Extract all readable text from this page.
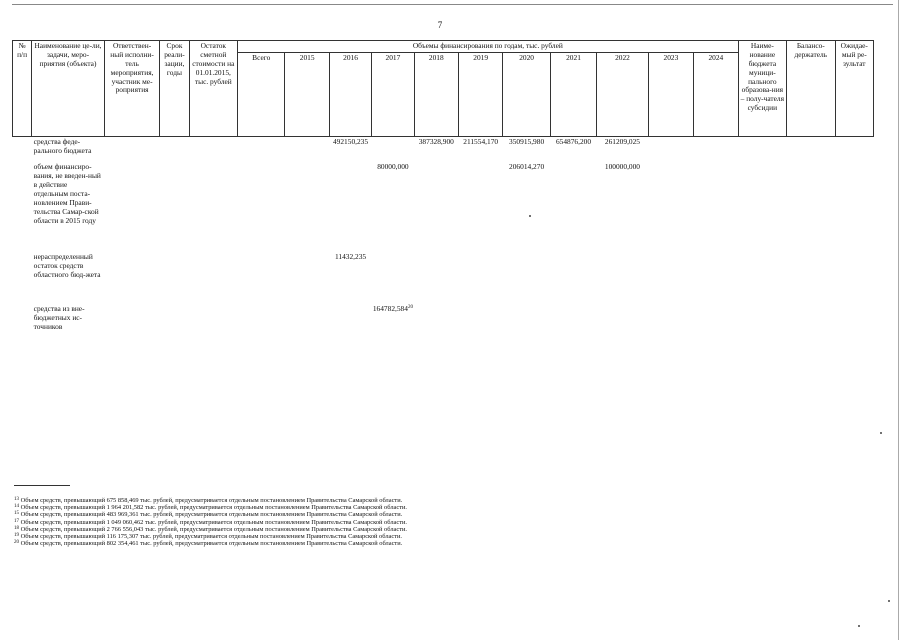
7
№ п/п	Наименование це-ли, задачи, меро-приятия (объекта)	Ответствен-ный исполни-тель мероприятия, участник ме-роприятия	Срок реали-зации, годы	Остаток сметной стоимости на 01.01.2015, тыс. рублей	Объемы финансирования по годам, тыс. рублей											Наиме-нование бюджета муници-пального образова-ния – полу-чателя субсидии	Балансо-держатель	Ожидае-мый ре-зультат
					Всего	2015	2016	2017	2018	2019	2020	2021	2022	2023	2024			
	средства феде-рального бюджета						492150,235		387328,900	211554,170	350915,980	654876,200	261209,025					
	объем финансиро-вания, не введен-ный в действие отдельным поста-новлением Прави-тельства Самар-ской области в 2015 году							80000,000			206014,270		100000,000					
	нераспределенный остаток средств областного бюд-жета						11432,235											
	средства из вне-бюджетных ис-точников							164782,584$^{20}$										
$^{13}$ Объем средств, превышающий 675 858,469 тыс. рублей, предусматривается отдельным постановлением Правительства Самарской области.
$^{14}$ Объем средств, превышающий 1 964 201,582 тыс. рублей, предусматривается отдельным постановлением Правительства Самарской области.
$^{15}$ Объем средств, превышающий 483 969,361 тыс. рублей, предусматривается отдельным постановлением Правительства Самарской области.
$^{17}$ Объем средств, превышающий 1 049 060,462 тыс. рублей, предусматривается отдельным постановлением Правительства Самарской области.
$^{18}$ Объем средств, превышающий 2 766 556,043 тыс. рублей, предусматривается отдельным постановлением Правительства Самарской области.
$^{19}$ Объем средств, превышающий 116 175,307 тыс. рублей, предусматривается отдельным постановлением Правительства Самарской области.
$^{20}$ Объем средств, превышающий 802 354,461 тыс. рублей, предусматривается отдельным постановлением Правительства Самарской области.
